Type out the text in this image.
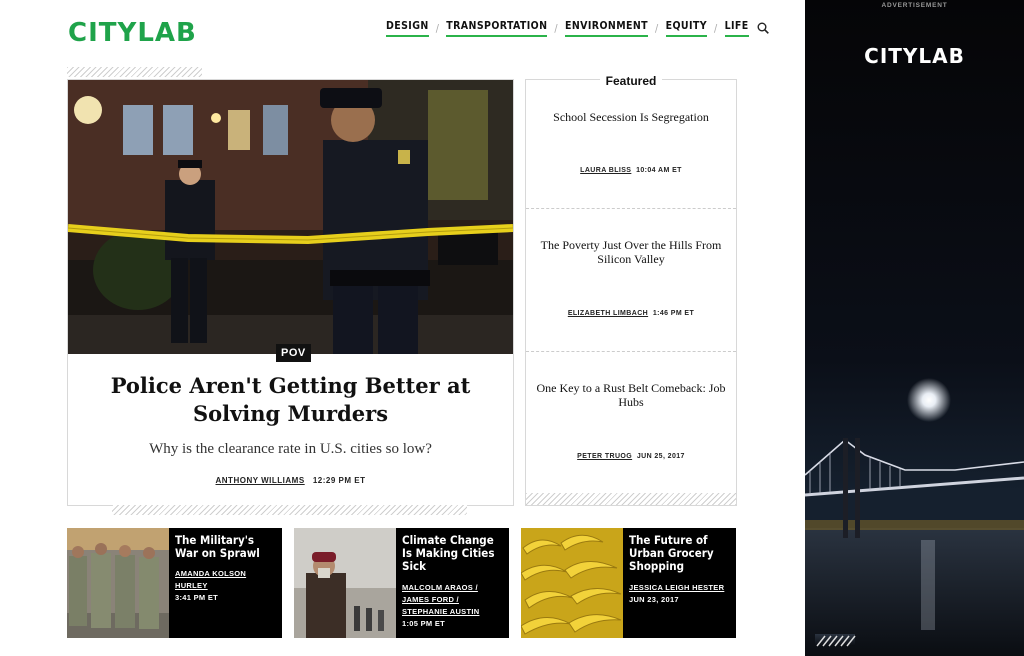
CITYLAB	DESIGN / TRANSPORTATION / ENVIRONMENT / EQUITY / LIFE
POV
Police Aren't Getting Better at Solving Murders
Why is the clearance rate in U.S. cities so low?
ANTHONY WILLIAMS 12:29 PM ET
Featured
School Secession Is Segregation
LAURA BLISS 10:04 AM ET
The Poverty Just Over the Hills From Silicon Valley
ELIZABETH LIMBACH 1:46 PM ET
One Key to a Rust Belt Comeback: Job Hubs
PETER TRUOG JUN 25, 2017
The Military's War on Sprawl
AMANDA KOLSON
HURLEY
3:41 PM ET
Climate Change Is Making Cities Sick
MALCOLM ARAOS /
JAMES FORD /
STEPHANIE AUSTIN
1:05 PM ET
The Future of Urban Grocery Shopping
JESSICA LEIGH HESTER
JUN 23, 2017
ADVERTISEMENT
CITYLAB
